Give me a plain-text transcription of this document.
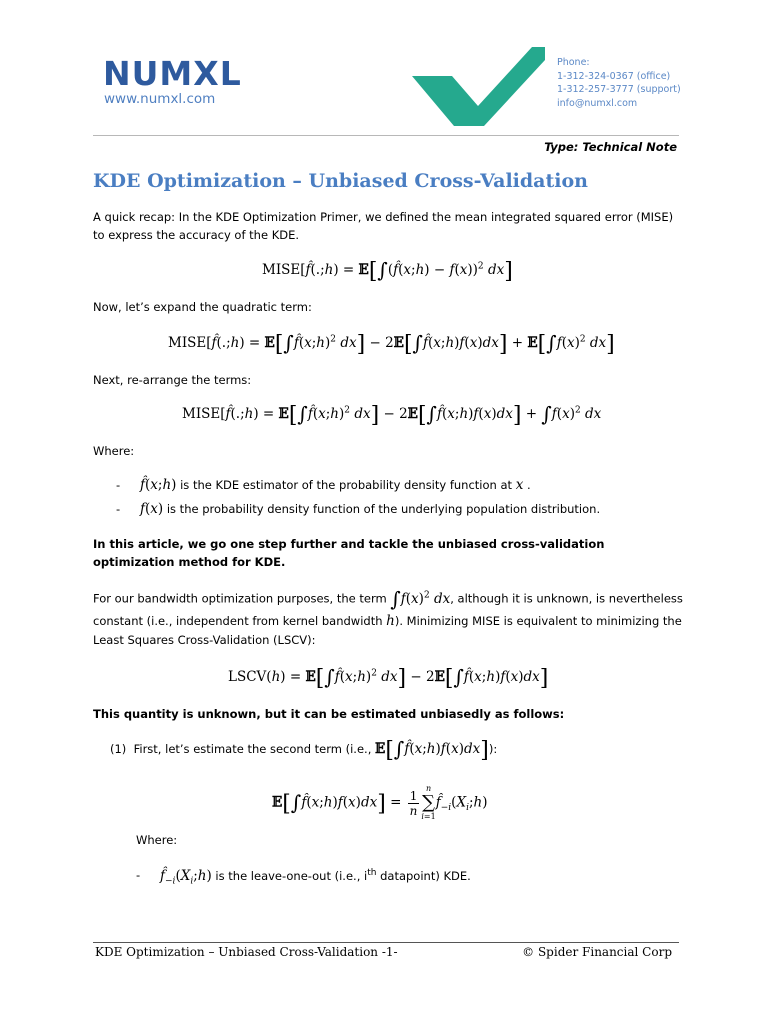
NUMXL
www.numxl.com
Phone:
1-312-324-0367 (office)
1-312-257-3777 (support)
info@numxl.com
Type: Technical Note
KDE Optimization – Unbiased Cross-Validation
A quick recap: In the KDE Optimization Primer, we defined the mean integrated squared error (MISE) to express the accuracy of the KDE.
MISE[f̂(.;h) = 𝔼[∫(f̂(x;h) − f(x))$^2$ dx]
Now, let’s expand the quadratic term:
MISE[f̂(.;h) = 𝔼[∫f̂(x;h)$^2$ dx] − 2𝔼[∫f̂(x;h)f(x)dx] + $𝔼[\int f(x)^2$ dx]
Next, re-arrange the terms:
MISE[f̂(.;h) = 𝔼[∫f̂(x;h)$^2$ dx] − 2𝔼[∫f̂(x;h)f(x)dx] + $\int f(x)^2$ dx
Where:
- f̂(x;h) is the KDE estimator of the probability density function at x .
- f(x) is the probability density function of the underlying population distribution.
In this article, we go one step further and tackle the unbiased cross-validation optimization method for KDE.
For our bandwidth optimization purposes, the term $\int f(x)^2$ dx, although it is unknown, is nevertheless
constant (i.e., independent from kernel bandwidth h). Minimizing MISE is equivalent to minimizing the
Least Squares Cross-Validation (LSCV):
LSCV(h) = 𝔼[∫f̂(x;h)$^2$ dx] − 2𝔼[∫f̂(x;h)f(x)dx]
This quantity is unknown, but it can be estimated unbiasedly as follows:
(1) First, let’s estimate the second term (i.e., 𝔼[∫f̂(x;h)f(x)dx]):
𝔼[∫f̂(x;h)f(x)dx] = $\frac{1}{n}$ n
∑
i=1
$f̂_{-i}(X_i;h)$
Where:
- $f̂_{-i}(X_i;h)$ is the leave-one-out (i.e., $i^{th}$ datapoint) KDE.
KDE Optimization – Unbiased Cross-Validation -1-	© Spider Financial Corp
